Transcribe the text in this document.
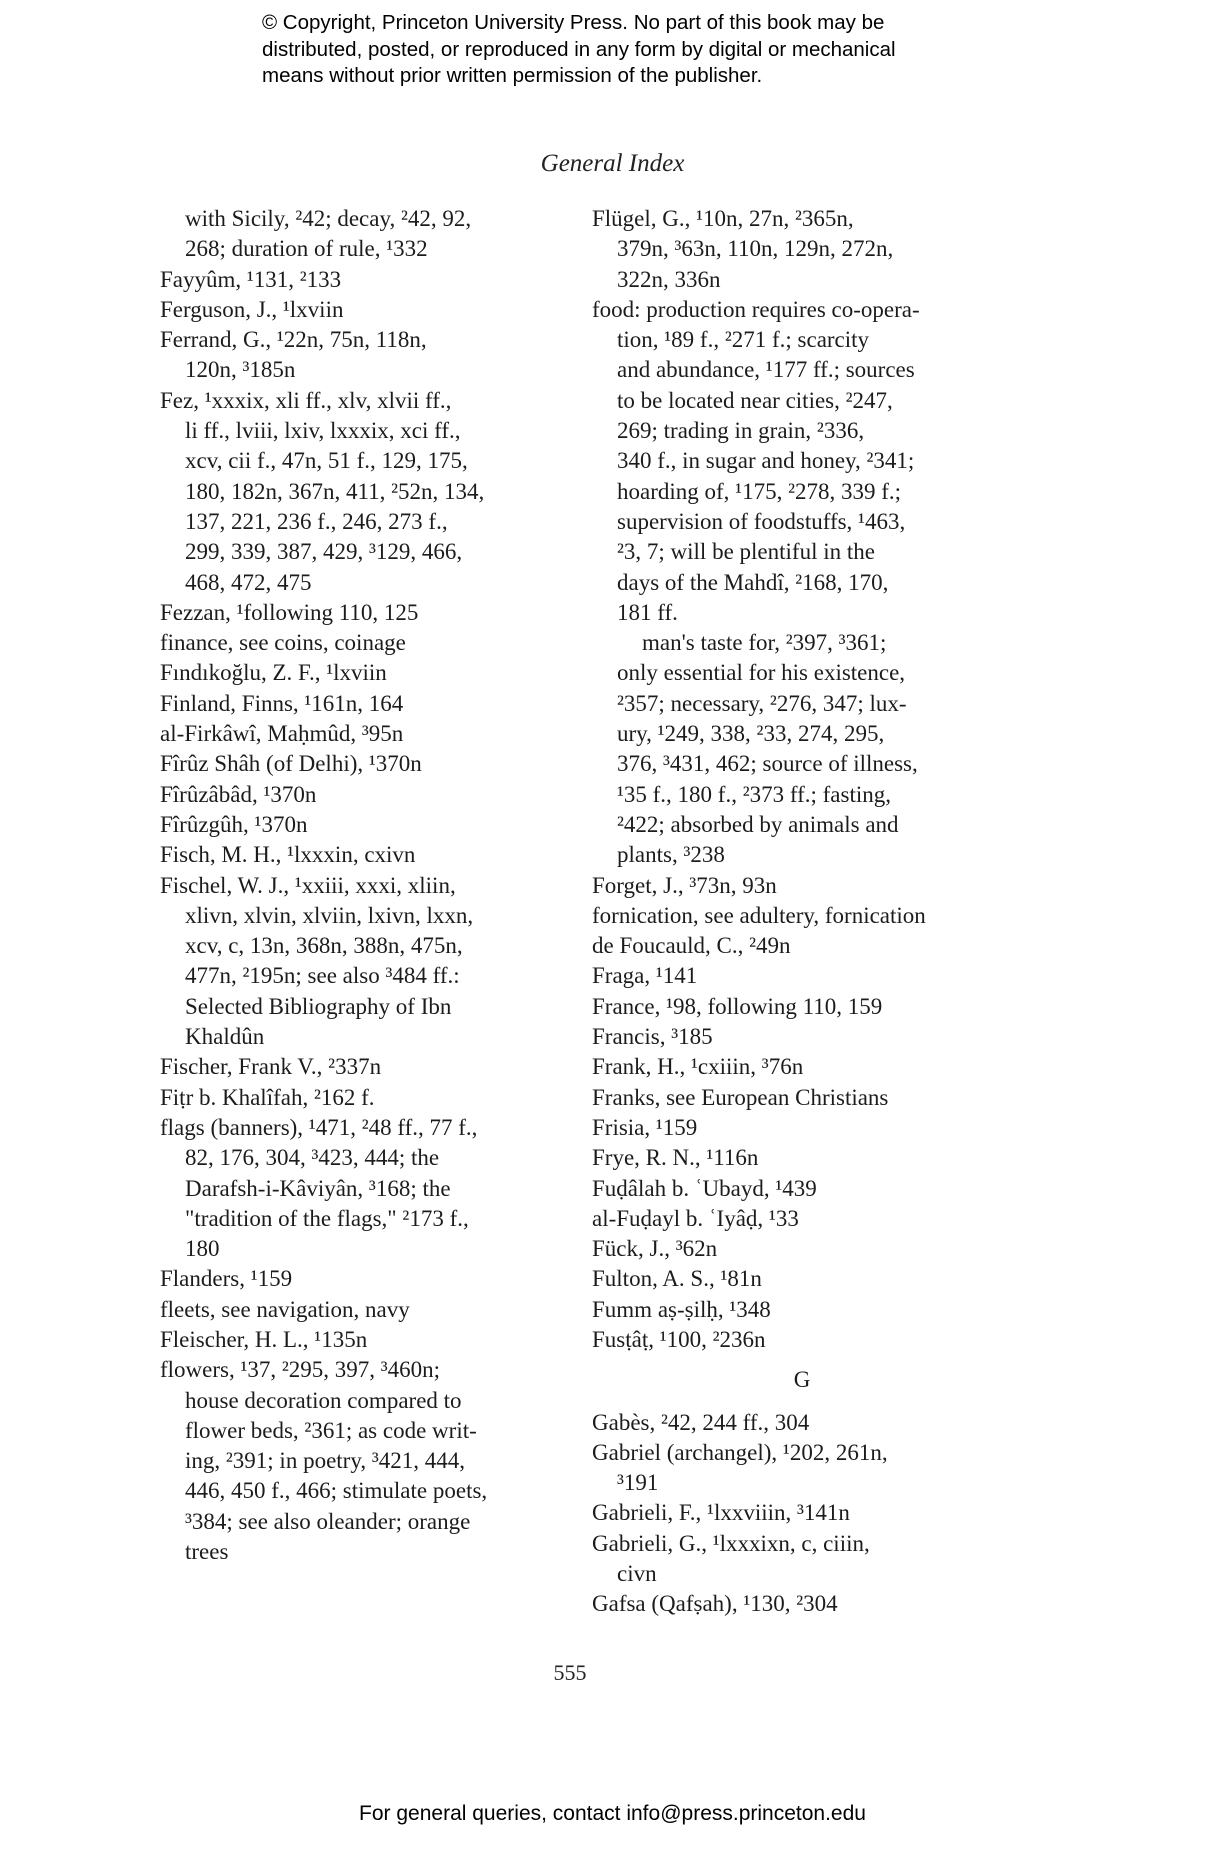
© Copyright, Princeton University Press. No part of this book may be
distributed, posted, or reproduced in any form by digital or mechanical
means without prior written permission of the publisher.
General Index
with Sicily, ²42; decay, ²42, 92,
268; duration of rule, ¹332
Fayyûm, ¹131, ²133
Ferguson, J., ¹lxviin
Ferrand, G., ¹22n, 75n, 118n,
120n, ³185n
Fez, ¹xxxix, xli ff., xlv, xlvii ff.,
li ff., lviii, lxiv, lxxxix, xci ff.,
xcv, cii f., 47n, 51 f., 129, 175,
180, 182n, 367n, 411, ²52n, 134,
137, 221, 236 f., 246, 273 f.,
299, 339, 387, 429, ³129, 466,
468, 472, 475
Fezzan, ¹following 110, 125
finance, see coins, coinage
Fındıkoğlu, Z. F., ¹lxviin
Finland, Finns, ¹161n, 164
al-Firkâwî, Maḥmûd, ³95n
Fîrûz Shâh (of Delhi), ¹370n
Fîrûzâbâd, ¹370n
Fîrûzgûh, ¹370n
Fisch, M. H., ¹lxxxin, cxivn
Fischel, W. J., ¹xxiii, xxxi, xliin,
xlivn, xlvin, xlviin, lxivn, lxxn,
xcv, c, 13n, 368n, 388n, 475n,
477n, ²195n; see also ³484 ff.:
Selected Bibliography of Ibn
Khaldûn
Fischer, Frank V., ²337n
Fiṭr b. Khalîfah, ²162 f.
flags (banners), ¹471, ²48 ff., 77 f.,
82, 176, 304, ³423, 444; the
Darafsh-i-Kâviyân, ³168; the
"tradition of the flags," ²173 f.,
180
Flanders, ¹159
fleets, see navigation, navy
Fleischer, H. L., ¹135n
flowers, ¹37, ²295, 397, ³460n;
house decoration compared to
flower beds, ²361; as code writ-
ing, ²391; in poetry, ³421, 444,
446, 450 f., 466; stimulate poets,
³384; see also oleander; orange
trees
Flügel, G., ¹10n, 27n, ²365n,
379n, ³63n, 110n, 129n, 272n,
322n, 336n
food: production requires co-opera-
tion, ¹89 f., ²271 f.; scarcity
and abundance, ¹177 ff.; sources
to be located near cities, ²247,
269; trading in grain, ²336,
340 f., in sugar and honey, ²341;
hoarding of, ¹175, ²278, 339 f.;
supervision of foodstuffs, ¹463,
²3, 7; will be plentiful in the
days of the Mahdî, ²168, 170,
181 ff.
man's taste for, ²397, ³361;
only essential for his existence,
²357; necessary, ²276, 347; lux-
ury, ¹249, 338, ²33, 274, 295,
376, ³431, 462; source of illness,
¹35 f., 180 f., ²373 ff.; fasting,
²422; absorbed by animals and
plants, ³238
Forget, J., ³73n, 93n
fornication, see adultery, fornication
de Foucauld, C., ²49n
Fraga, ¹141
France, ¹98, following 110, 159
Francis, ³185
Frank, H., ¹cxiiin, ³76n
Franks, see European Christians
Frisia, ¹159
Frye, R. N., ¹116n
Fuḍâlah b. ʿUbayd, ¹439
al-Fuḍayl b. ʿIyâḍ, ¹33
Fück, J., ³62n
Fulton, A. S., ¹81n
Fumm aṣ-ṣilḥ, ¹348
Fusṭâṭ, ¹100, ²236n
G
Gabès, ²42, 244 ff., 304
Gabriel (archangel), ¹202, 261n,
³191
Gabrieli, F., ¹lxxviiin, ³141n
Gabrieli, G., ¹lxxxixn, c, ciiin,
civn
Gafsa (Qafṣah), ¹130, ²304
555
For general queries, contact info@press.princeton.edu
